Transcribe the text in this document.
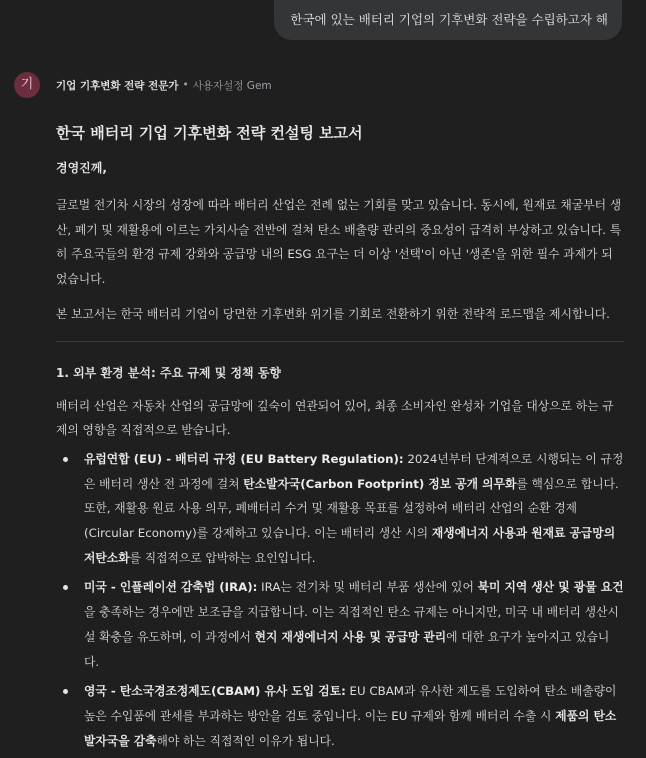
한국에 있는 배터리 기업의 기후변화 전략을 수립하고자 해
기	기업 기후변화 전략 전문가 • 사용자설정 Gem
한국 배터리 기업 기후변화 전략 컨설팅 보고서
경영진께,

글로벌 전기차 시장의 성장에 따라 배터리 산업은 전례 없는 기회를 맞고 있습니다. 동시에, 원재료 채굴부터 생산, 폐기 및 재활용에 이르는 가치사슬 전반에 걸쳐 탄소 배출량 관리의 중요성이 급격히 부상하고 있습니다. 특히 주요국들의 환경 규제 강화와 공급망 내의 ESG 요구는 더 이상 '선택'이 아닌 '생존'을 위한 필수 과제가 되었습니다.

본 보고서는 한국 배터리 기업이 당면한 기후변화 위기를 기회로 전환하기 위한 전략적 로드맵을 제시합니다.

1. 외부 환경 분석: 주요 규제 및 정책 동향

배터리 산업은 자동차 산업의 공급망에 깊숙이 연관되어 있어, 최종 소비자인 완성차 기업을 대상으로 하는 규제의 영향을 직접적으로 받습니다.

유럽연합 (EU) - 배터리 규정 (EU Battery Regulation): 2024년부터 단계적으로 시행되는 이 규정은 배터리 생산 전 과정에 걸쳐 탄소발자국(Carbon Footprint) 정보 공개 의무화를 핵심으로 합니다. 또한, 재활용 원료 사용 의무, 폐배터리 수거 및 재활용 목표를 설정하여 배터리 산업의 순환 경제(Circular Economy)를 강제하고 있습니다. 이는 배터리 생산 시의 재생에너지 사용과 원재료 공급망의 저탄소화를 직접적으로 압박하는 요인입니다.
미국 - 인플레이션 감축법 (IRA): IRA는 전기차 및 배터리 부품 생산에 있어 북미 지역 생산 및 광물 요건을 충족하는 경우에만 보조금을 지급합니다. 이는 직접적인 탄소 규제는 아니지만, 미국 내 배터리 생산시설 확충을 유도하며, 이 과정에서 현지 재생에너지 사용 및 공급망 관리에 대한 요구가 높아지고 있습니다.
영국 - 탄소국경조정제도(CBAM) 유사 도입 검토: EU CBAM과 유사한 제도를 도입하여 탄소 배출량이 높은 수입품에 관세를 부과하는 방안을 검토 중입니다. 이는 EU 규제와 함께 배터리 수출 시 제품의 탄소발자국을 감축해야 하는 직접적인 이유가 됩니다.
